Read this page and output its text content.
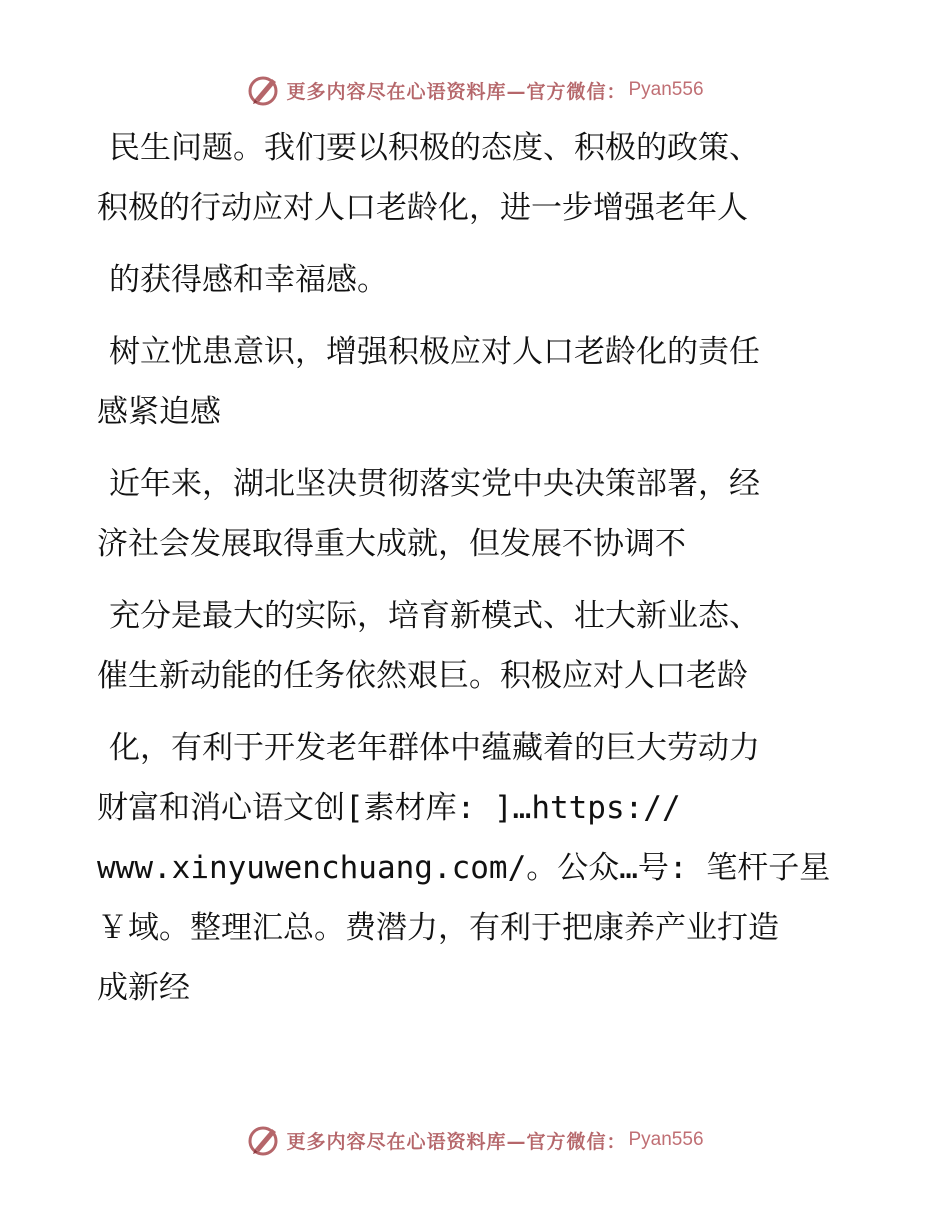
更多内容尽在心语资料库—官方微信： Pyan556
民生问题。我们要以积极的态度、积极的政策、
积极的行动应对人口老龄化，进一步增强老年人
的获得感和幸福感。
树立忧患意识，增强积极应对人口老龄化的责任
感紧迫感
近年来，湖北坚决贯彻落实党中央决策部署，经
济社会发展取得重大成就，但发展不协调不
充分是最大的实际，培育新模式、壮大新业态、
催生新动能的任务依然艰巨。积极应对人口老龄
化，有利于开发老年群体中蕴藏着的巨大劳动力
财富和消心语文创[素材库: ]…https://
www.xinyuwenchuang.com/。公众…号: 笔杆子星
￥域。整理汇总。费潜力，有利于把康养产业打造
成新经
更多内容尽在心语资料库—官方微信： Pyan556
